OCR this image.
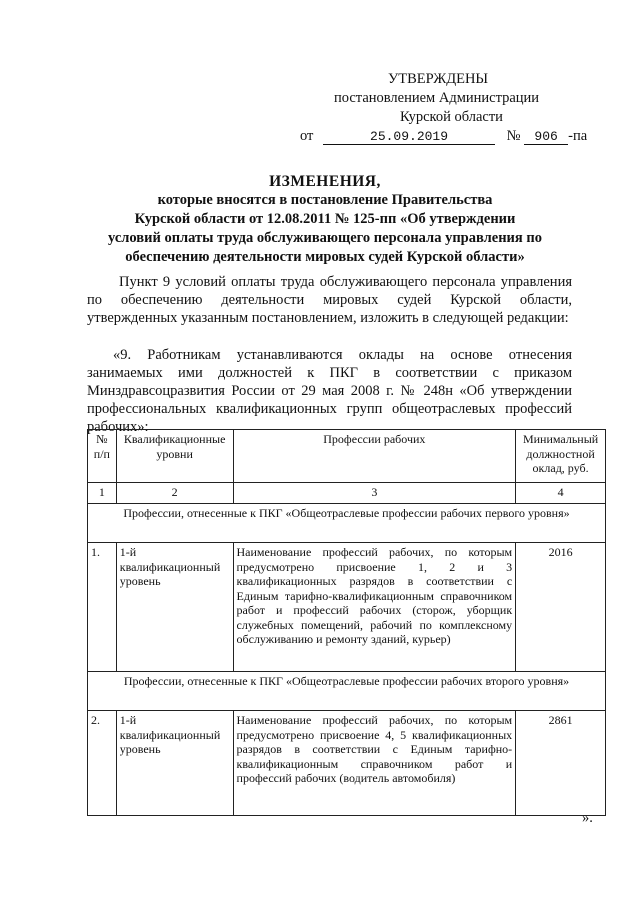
УТВЕРЖДЕНЫ
постановлением Администрации
Курской области
от	25.09.2019	№ 906 -па
ИЗМЕНЕНИЯ,
которые вносятся в постановление Правительства
Курской области от 12.08.2011 № 125-пп «Об утверждении
условий оплаты труда обслуживающего персонала управления по
обеспечению деятельности мировых судей Курской области»
Пункт 9 условий оплаты труда обслуживающего персонала управления по обеспечению деятельности мировых судей Курской области, утвержденных указанным постановлением, изложить в следующей редакции:
«9. Работникам устанавливаются оклады на основе отнесения занимаемых ими должностей к ПКГ в соответствии с приказом Минздравсоцразвития России от 29 мая 2008 г. № 248н «Об утверждении профессиональных квалификационных групп общеотраслевых профессий рабочих»:
№ п/п	Квалификационные уровни	Профессии рабочих	Минимальный должностной оклад, руб.
1	2	3	4
Профессии, отнесенные к ПКГ «Общеотраслевые профессии рабочих первого уровня»			
1.	1-й квалификационный уровень	Наименование профессий рабочих, по которым предусмотрено присвоение 1, 2 и 3 квалификационных разрядов в соответствии с Единым тарифно-квалификационным справочником работ и профессий рабочих (сторож, уборщик служебных помещений, рабочий по комплексному обслуживанию и ремонту зданий, курьер)	2016
Профессии, отнесенные к ПКГ «Общеотраслевые профессии рабочих второго уровня»			
2.	1-й квалификационный уровень	Наименование профессий рабочих, по которым предусмотрено присвоение 4, 5 квалификационных разрядов в соответствии с Единым тарифно-квалификационным справочником работ и профессий рабочих (водитель автомобиля)	2861
».
